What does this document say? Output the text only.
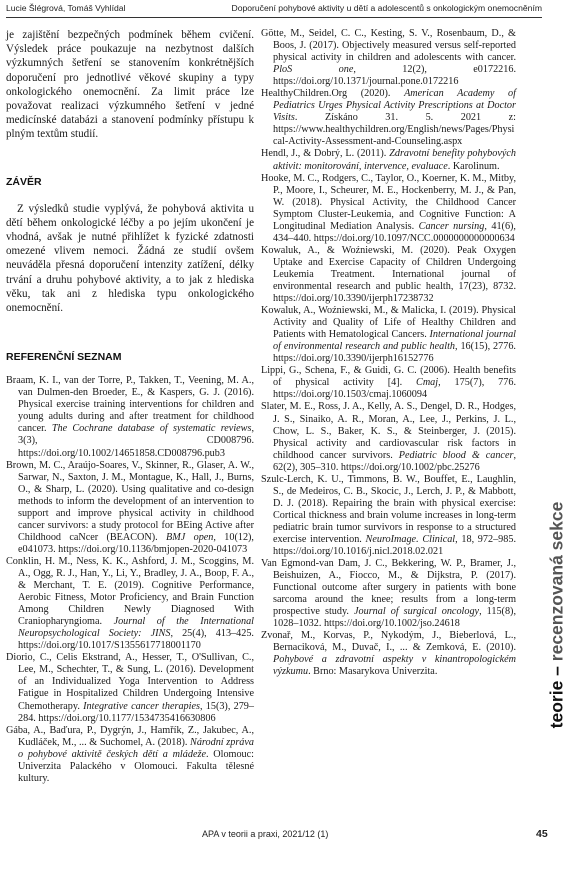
Lucie Šlégrová, Tomáš Vyhlídal	Doporučení pohybové aktivity u dětí a adolescentů s onkologickým onemocněním

je zajištění bezpečných podmínek během cvičení. Výsledek práce poukazuje na nezbytnost dalších výzkumných šetření se stanovením konkrétnějších doporučení pro jednotlivé věkové skupiny a typy onkologického onemocnění. Za limit práce lze považovat realizaci výzkumného šetření v jedné medicínské databázi a stanovení podmínky přístupu k plným textům studií.

ZÁVĚR

Z výsledků studie vyplývá, že pohybová aktivita u dětí během onkologické léčby a po jejím ukončení je vhodná, avšak je nutné přihlížet k fyzické zdatnosti omezené vlivem nemoci. Žádná ze studií ovšem neuváděla přesná doporučení intenzity zatížení, délky trvání a druhu pohybové aktivity, a to jak z hlediska věku, tak ani z hlediska typu onkologického onemocnění.

REFERENČNÍ SEZNAM

Braam, K. I., van der Torre, P., Takken, T., Veening, M. A., van Dulmen-den Broeder, E., & Kaspers, G. J. (2016). Physical exercise training interventions for children and young adults during and after treatment for childhood cancer. The Cochrane database of systematic reviews, 3(3), CD008796. https://doi.org/10.1002/14651858.CD008796.pub3

Brown, M. C., Araújo-Soares, V., Skinner, R., Glaser, A. W., Sarwar, N., Saxton, J. M., Montague, K., Hall, J., Burns, O., & Sharp, L. (2020). Using qualitative and co-design methods to inform the development of an intervention to support and improve physical activity in childhood cancer survivors: a study protocol for BEing Active after Childhood caNcer (BEACON). BMJ open, 10(12), e041073. https://doi.org/10.1136/bmjopen-2020-041073

Conklin, H. M., Ness, K. K., Ashford, J. M., Scoggins, M. A., Ogg, R. J., Han, Y., Li, Y., Bradley, J. A., Boop, F. A., & Merchant, T. E. (2019). Cognitive Performance, Aerobic Fitness, Motor Proficiency, and Brain Function Among Children Newly Diagnosed With Craniopharyngioma. Journal of the International Neuropsychological Society: JINS, 25(4), 413–425. https://doi.org/10.1017/S1355617718001170

Diorio, C., Celis Ekstrand, A., Hesser, T., O'Sullivan, C., Lee, M., Schechter, T., & Sung, L. (2016). Development of an Individualized Yoga Intervention to Address Fatigue in Hospitalized Children Undergoing Intensive Chemotherapy. Integrative cancer therapies, 15(3), 279–284. https://doi.org/10.1177/1534735416630806

Gába, A., Baďura, P., Dygrýn, J., Hamřík, Z., Jakubec, A., Kudláček, M., ... & Suchomel, A. (2018). Národní zpráva o pohybové aktivitě českých dětí a mládeže. Olomouc: Univerzita Palackého v Olomouci. Fakulta tělesné kultury.

Götte, M., Seidel, C. C., Kesting, S. V., Rosenbaum, D., & Boos, J. (2017). Objectively measured versus self-reported physical activity in children and adolescents with cancer. PloS one, 12(2), e0172216. https://doi.org/10.1371/journal.pone.0172216

HealthyChildren.Org (2020). American Academy of Pediatrics Urges Physical Activity Prescriptions at Doctor Visits. Získáno 31. 5. 2021 z: https://www.healthychildren.org/English/news/Pages/Physical-Activity-Assessment-and-Counseling.aspx

Hendl, J., & Dobrý, L. (2011). Zdravotní benefity pohybových aktivit: monitorování, intervence, evaluace. Karolinum.

Hooke, M. C., Rodgers, C., Taylor, O., Koerner, K. M., Mitby, P., Moore, I., Scheurer, M. E., Hockenberry, M. J., & Pan, W. (2018). Physical Activity, the Childhood Cancer Symptom Cluster-Leukemia, and Cognitive Function: A Longitudinal Mediation Analysis. Cancer nursing, 41(6), 434–440. https://doi.org/10.1097/NCC.0000000000000634

Kowaluk, A., & Woźniewski, M. (2020). Peak Oxygen Uptake and Exercise Capacity of Children Undergoing Leukemia Treatment. International journal of environmental research and public health, 17(23), 8732. https://doi.org/10.3390/ijerph17238732

Kowaluk, A., Woźniewski, M., & Malicka, I. (2019). Physical Activity and Quality of Life of Healthy Children and Patients with Hematological Cancers. International journal of environmental research and public health, 16(15), 2776. https://doi.org/10.3390/ijerph16152776

Lippi, G., Schena, F., & Guidi, G. C. (2006). Health benefits of physical activity [4]. Cmaj, 175(7), 776. https://doi.org/10.1503/cmaj.1060094

Slater, M. E., Ross, J. A., Kelly, A. S., Dengel, D. R., Hodges, J. S., Sinaiko, A. R., Moran, A., Lee, J., Perkins, J. L., Chow, L. S., Baker, K. S., & Steinberger, J. (2015). Physical activity and cardiovascular risk factors in childhood cancer survivors. Pediatric blood & cancer, 62(2), 305–310. https://doi.org/10.1002/pbc.25276

Szulc-Lerch, K. U., Timmons, B. W., Bouffet, E., Laughlin, S., de Medeiros, C. B., Skocic, J., Lerch, J. P., & Mabbott, D. J. (2018). Repairing the brain with physical exercise: Cortical thickness and brain volume increases in long-term pediatric brain tumor survivors in response to a structured exercise intervention. NeuroImage. Clinical, 18, 972–985. https://doi.org/10.1016/j.nicl.2018.02.021

Van Egmond-van Dam, J. C., Bekkering, W. P., Bramer, J., Beishuizen, A., Fiocco, M., & Dijkstra, P. (2017). Functional outcome after surgery in patients with bone sarcoma around the knee; results from a long-term prospective study. Journal of surgical oncology, 115(8), 1028–1032. https://doi.org/10.1002/jso.24618

Zvonař, M., Korvas, P., Nykodým, J., Bieberlová, L., Bernaciková, M., Duvač, I., ... & Zemková, E. (2010). Pohybové a zdravotní aspekty v kinantropologickém výzkumu. Brno: Masarykova Univerzita.

teorie – recenzovaná sekce
APA v teorii a praxi, 2021/12 (1)	45
